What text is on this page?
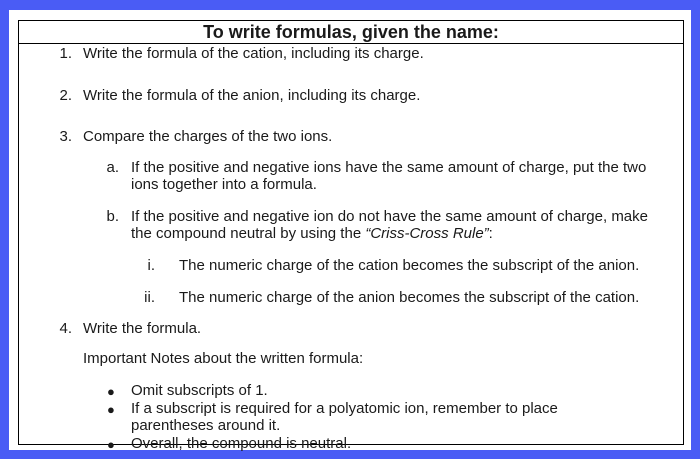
To write formulas, given the name:
1. Write the formula of the cation, including its charge.
2. Write the formula of the anion, including its charge.
3. Compare the charges of the two ions.
a. If the positive and negative ions have the same amount of charge, put the two ions together into a formula.
b. If the positive and negative ion do not have the same amount of charge, make the compound neutral by using the “Criss-Cross Rule”:
i. The numeric charge of the cation becomes the subscript of the anion.
ii. The numeric charge of the anion becomes the subscript of the cation.
4. Write the formula.
Important Notes about the written formula:
● Omit subscripts of 1.
● If a subscript is required for a polyatomic ion, remember to place parentheses around it.
● Overall, the compound is neutral.
